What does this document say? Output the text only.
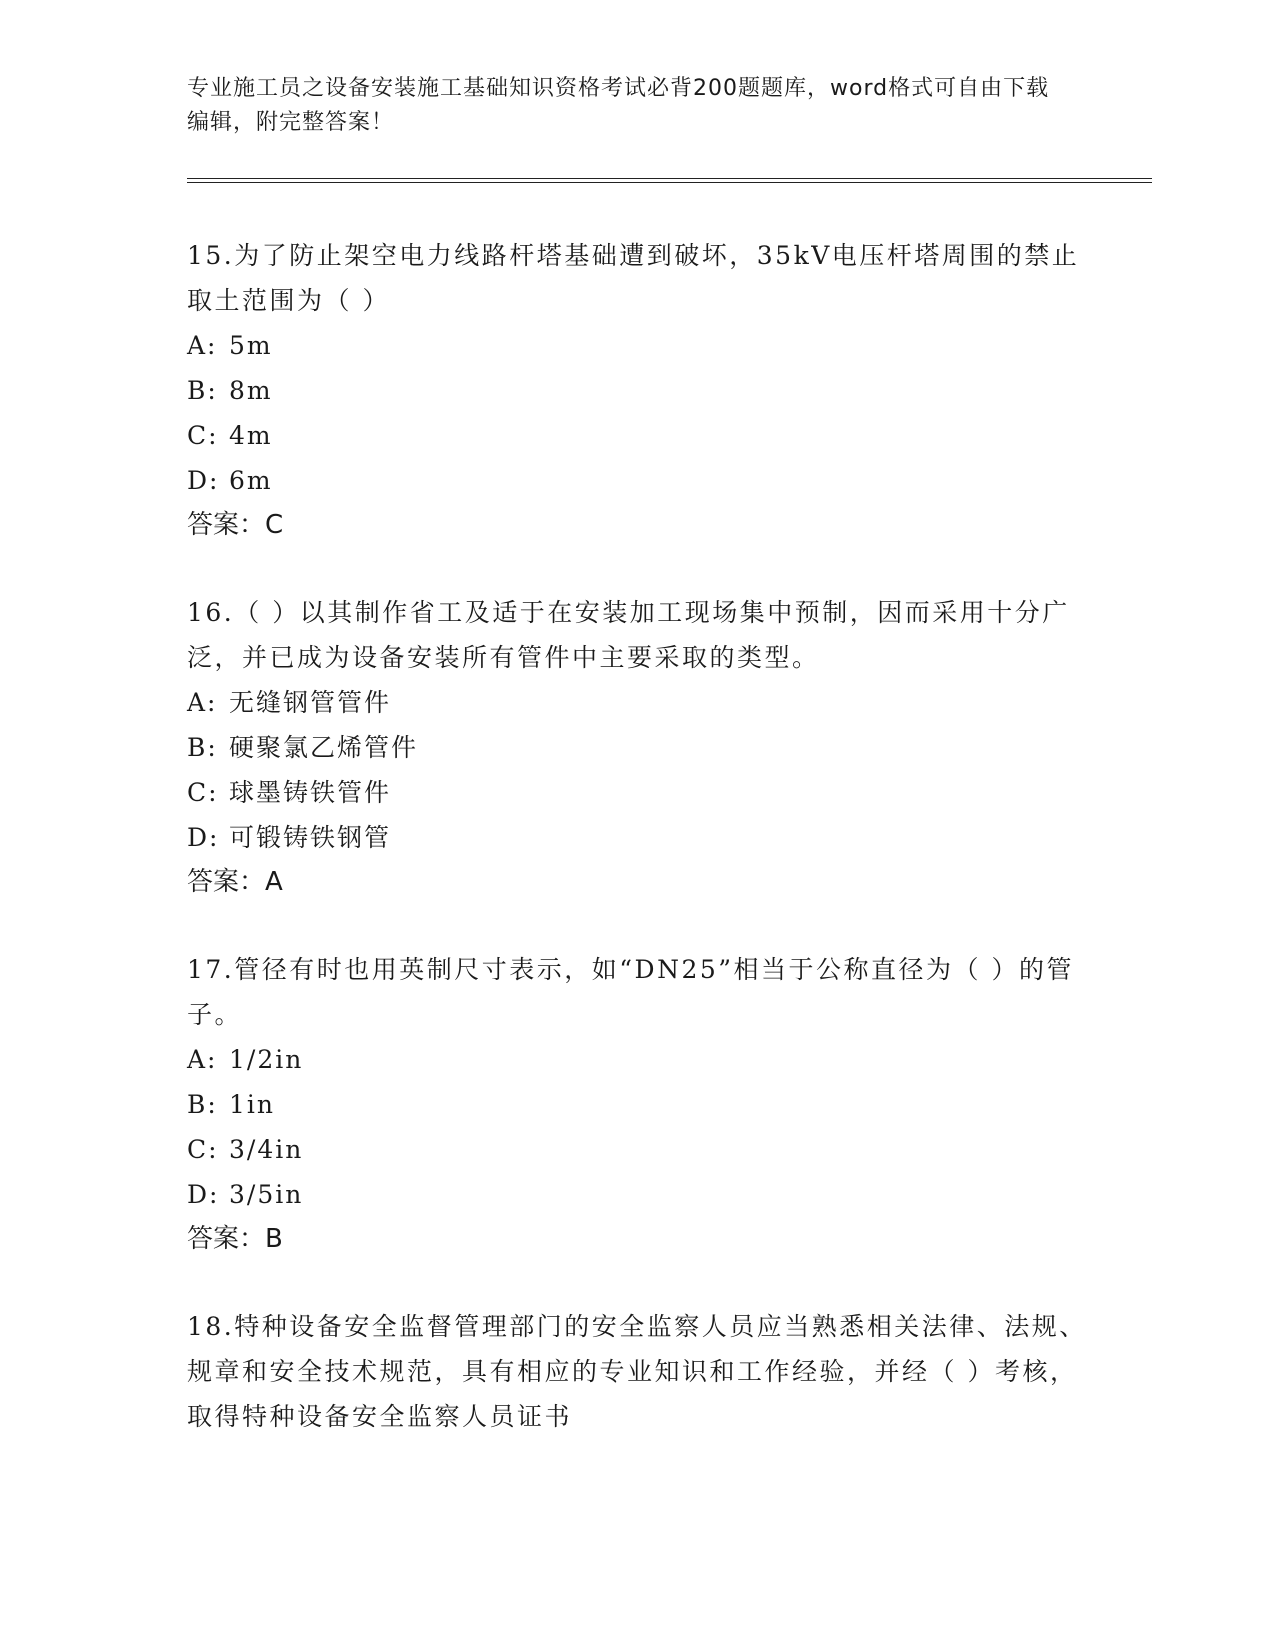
专业施工员之设备安装施工基础知识资格考试必背200题题库，word格式可自由下载编辑，附完整答案！

15.为了防止架空电力线路杆塔基础遭到破坏，35kV电压杆塔周围的禁止取土范围为（ ）

A: 5m

B: 8m

C: 4m

D: 6m

答案：C

16.（ ）以其制作省工及适于在安装加工现场集中预制，因而采用十分广泛，并已成为设备安装所有管件中主要采取的类型。

A: 无缝钢管管件

B: 硬聚氯乙烯管件

C: 球墨铸铁管件

D: 可锻铸铁钢管

答案：A

17.管径有时也用英制尺寸表示，如“DN25”相当于公称直径为（ ）的管子。

A: 1/2in

B: 1in

C: 3/4in

D: 3/5in

答案：B

18.特种设备安全监督管理部门的安全监察人员应当熟悉相关法律、法规、规章和安全技术规范，具有相应的专业知识和工作经验，并经（ ）考核，取得特种设备安全监察人员证书
